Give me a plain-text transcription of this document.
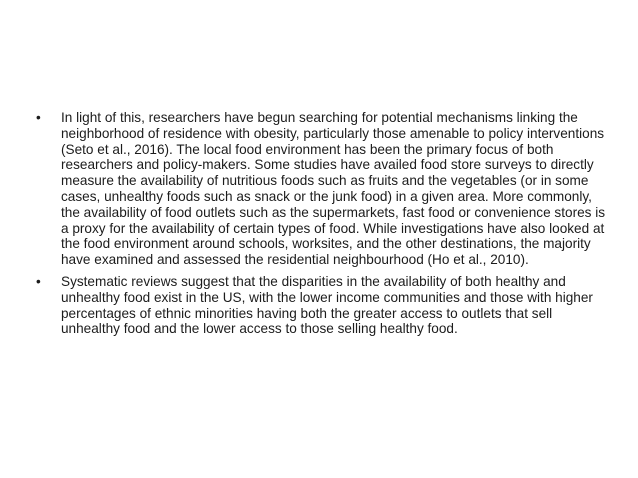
•	In light of this, researchers have begun searching for potential mechanisms linking the neighborhood of residence with obesity, particularly those amenable to policy interventions (Seto et al., 2016). The local food environment has been the primary focus of both researchers and policy-makers. Some studies have availed food store surveys to directly measure the availability of nutritious foods such as fruits and the vegetables (or in some cases, unhealthy foods such as snack or the junk food) in a given area. More commonly, the availability of food outlets such as the supermarkets, fast food or convenience stores is a proxy for the availability of certain types of food. While investigations have also looked at the food environment around schools, worksites, and the other destinations, the majority have examined and assessed the residential neighbourhood (Ho et al., 2010).
•	Systematic reviews suggest that the disparities in the availability of both healthy and unhealthy food exist in the US, with the lower income communities and those with higher percentages of ethnic minorities having both the greater access to outlets that sell unhealthy food and the lower access to those selling healthy food.
